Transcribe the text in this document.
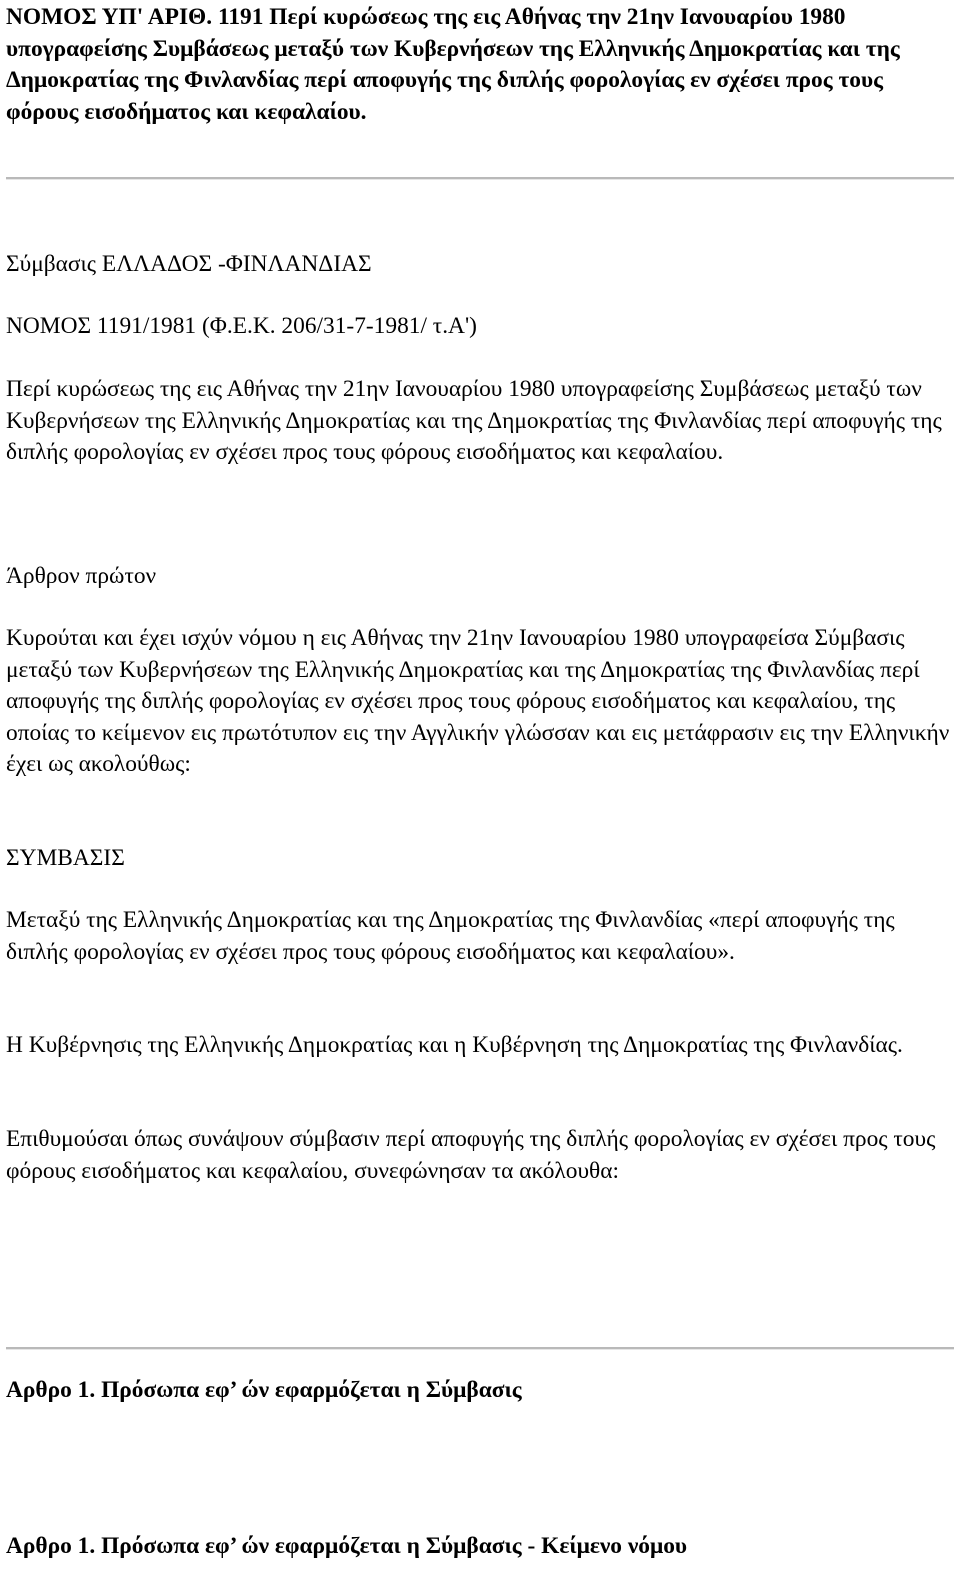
ΝΟΜΟΣ ΥΠ' ΑΡΙΘ. 1191 Περί κυρώσεως της εις Αθήνας την 21ην Ιανουαρίου 1980 υπογραφείσης Συμβάσεως μεταξύ των Κυβερνήσεων της Ελληνικής Δημοκρατίας και της Δημοκρατίας της Φινλανδίας περί αποφυγής της διπλής φορολογίας εν σχέσει προς τους φόρους εισοδήματος και κεφαλαίου.

Σύμβασις ΕΛΛΑΔΟΣ -ΦΙΝΛΑΝΔΙΑΣ

ΝΟΜΟΣ 1191/1981 (Φ.Ε.Κ. 206/31-7-1981/ τ.Α')

Περί κυρώσεως της εις Αθήνας την 21ην Ιανουαρίου 1980 υπογραφείσης Συμβάσεως μεταξύ των Κυβερνήσεων της Ελληνικής Δημοκρατίας και της Δημοκρατίας της Φινλανδίας περί αποφυγής της διπλής φορολογίας εν σχέσει προς τους φόρους εισοδήματος και κεφαλαίου.

Άρθρον πρώτον

Κυρούται και έχει ισχύν νόμου η εις Αθήνας την 21ην Ιανουαρίου 1980 υπογραφείσα Σύμβασις μεταξύ των Κυβερνήσεων της Ελληνικής Δημοκρατίας και της Δημοκρατίας της Φινλανδίας περί αποφυγής της διπλής φορολογίας εν σχέσει προς τους φόρους εισοδήματος και κεφαλαίου, της οποίας το κείμενον εις πρωτότυπον εις την Αγγλικήν γλώσσαν και εις μετάφρασιν εις την Ελληνικήν έχει ως ακολούθως:

ΣΥΜΒΑΣΙΣ

Μεταξύ της Ελληνικής Δημοκρατίας και της Δημοκρατίας της Φινλανδίας «περί αποφυγής της διπλής φορολογίας εν σχέσει προς τους φόρους εισοδήματος και κεφαλαίου».

Η Κυβέρνησις της Ελληνικής Δημοκρατίας και η Κυβέρνηση της Δημοκρατίας της Φινλανδίας.

Επιθυμούσαι όπως συνάψουν σύμβασιν περί αποφυγής της διπλής φορολογίας εν σχέσει προς τους φόρους εισοδήματος και κεφαλαίου, συνεφώνησαν τα ακόλουθα:

Αρθρο 1. Πρόσωπα εφ’ ών εφαρμόζεται η Σύμβασις
Αρθρο 1. Πρόσωπα εφ’ ών εφαρμόζεται η Σύμβασις - Κείμενο νόμου
